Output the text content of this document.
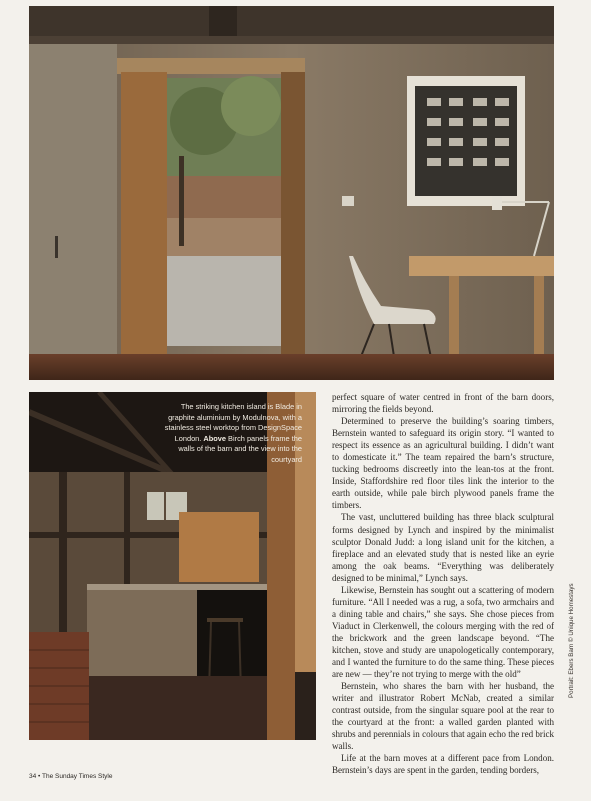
The striking kitchen island is Blade in graphite aluminium by Modulnova, with a stainless steel worktop from DesignSpace London. Above Birch panels frame the walls of the barn and the view into the courtyard

perfect square of water centred in front of the barn doors, mirroring the fields beyond.

Determined to preserve the building’s soaring timbers, Bernstein wanted to safeguard its origin story. “I wanted to respect its essence as an agricultural building. I didn’t want to domesticate it.” The team repaired the barn’s structure, tucking bedrooms discreetly into the lean-tos at the front. Inside, Staffordshire red floor tiles link the interior to the earth outside, while pale birch plywood panels frame the timbers.

The vast, uncluttered building has three black sculptural forms designed by Lynch and inspired by the minimalist sculptor Donald Judd: a long island unit for the kitchen, a fireplace and an elevated study that is nested like an eyrie among the oak beams. “Everything was deliberately designed to be minimal,” Lynch says.

Likewise, Bernstein has sought out a scattering of modern furniture. “All I needed was a rug, a sofa, two armchairs and a dining table and chairs,” she says. She chose pieces from Viaduct in Clerkenwell, the colours merging with the red of the brickwork and the green landscape beyond. “The kitchen, stove and study are unapologetically contemporary, and I wanted the furniture to do the same thing. These pieces are new — they’re not trying to merge with the old”

Bernstein, who shares the barn with her husband, the writer and illustrator Robert McNab, created a similar contrast outside, from the singular square pool at the rear to the courtyard at the front: a walled garden planted with shrubs and perennials in colours that again echo the red brick walls.

Life at the barn moves at a different pace from London. Bernstein’s days are spent in the garden, tending borders,

Portrait: Ebers Barn © Unique Homestays
34 • The Sunday Times Style
